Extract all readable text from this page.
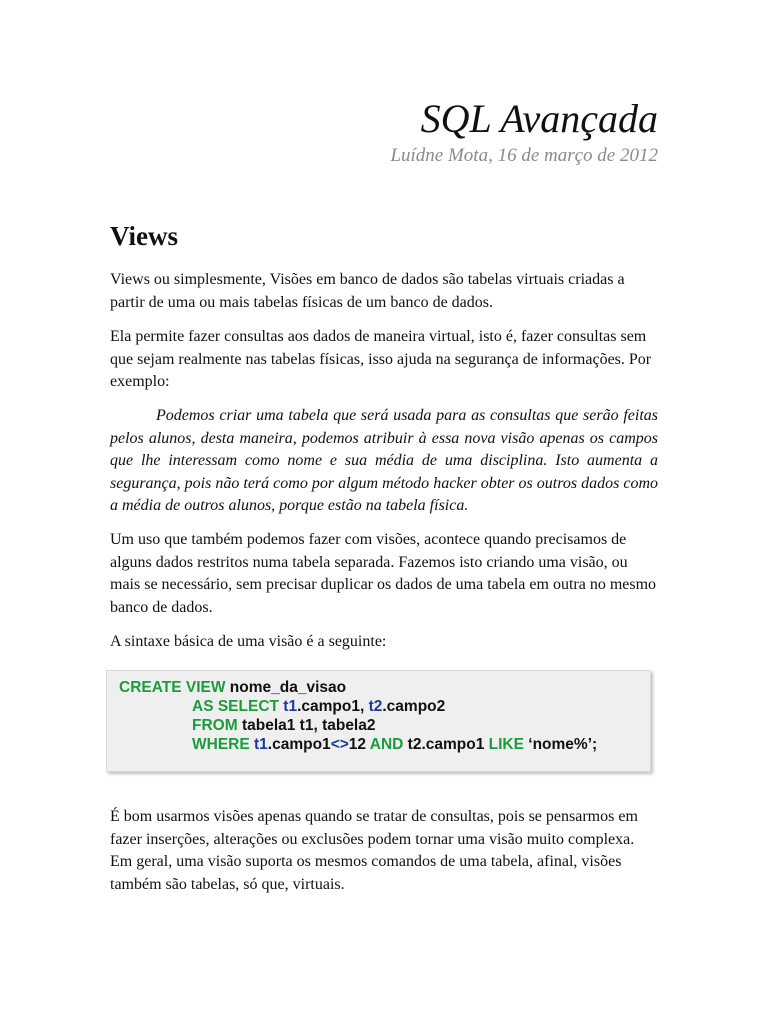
SQL Avançada
Luídne Mota, 16 de março de 2012
Views

Views ou simplesmente, Visões em banco de dados são tabelas virtuais criadas a partir de uma ou mais tabelas físicas de um banco de dados.

Ela permite fazer consultas aos dados de maneira virtual, isto é, fazer consultas sem que sejam realmente nas tabelas físicas, isso ajuda na segurança de informações. Por exemplo:

Podemos criar uma tabela que será usada para as consultas que serão feitas pelos alunos, desta maneira, podemos atribuir à essa nova visão apenas os campos que lhe interessam como nome e sua média de uma disciplina. Isto aumenta a segurança, pois não terá como por algum método hacker obter os outros dados como a média de outros alunos, porque estão na tabela física.

Um uso que também podemos fazer com visões, acontece quando precisamos de alguns dados restritos numa tabela separada. Fazemos isto criando uma visão, ou mais se necessário, sem precisar duplicar os dados de uma tabela em outra no mesmo banco de dados.

A sintaxe básica de uma visão é a seguinte:

CREATE VIEW nome_da_visao
AS SELECT t1.campo1, t2.campo2
FROM tabela1 t1, tabela2
WHERE t1.campo1<>12 AND t2.campo1 LIKE ‘nome%’;

É bom usarmos visões apenas quando se tratar de consultas, pois se pensarmos em fazer inserções, alterações ou exclusões podem tornar uma visão muito complexa. Em geral, uma visão suporta os mesmos comandos de uma tabela, afinal, visões também são tabelas, só que, virtuais.
